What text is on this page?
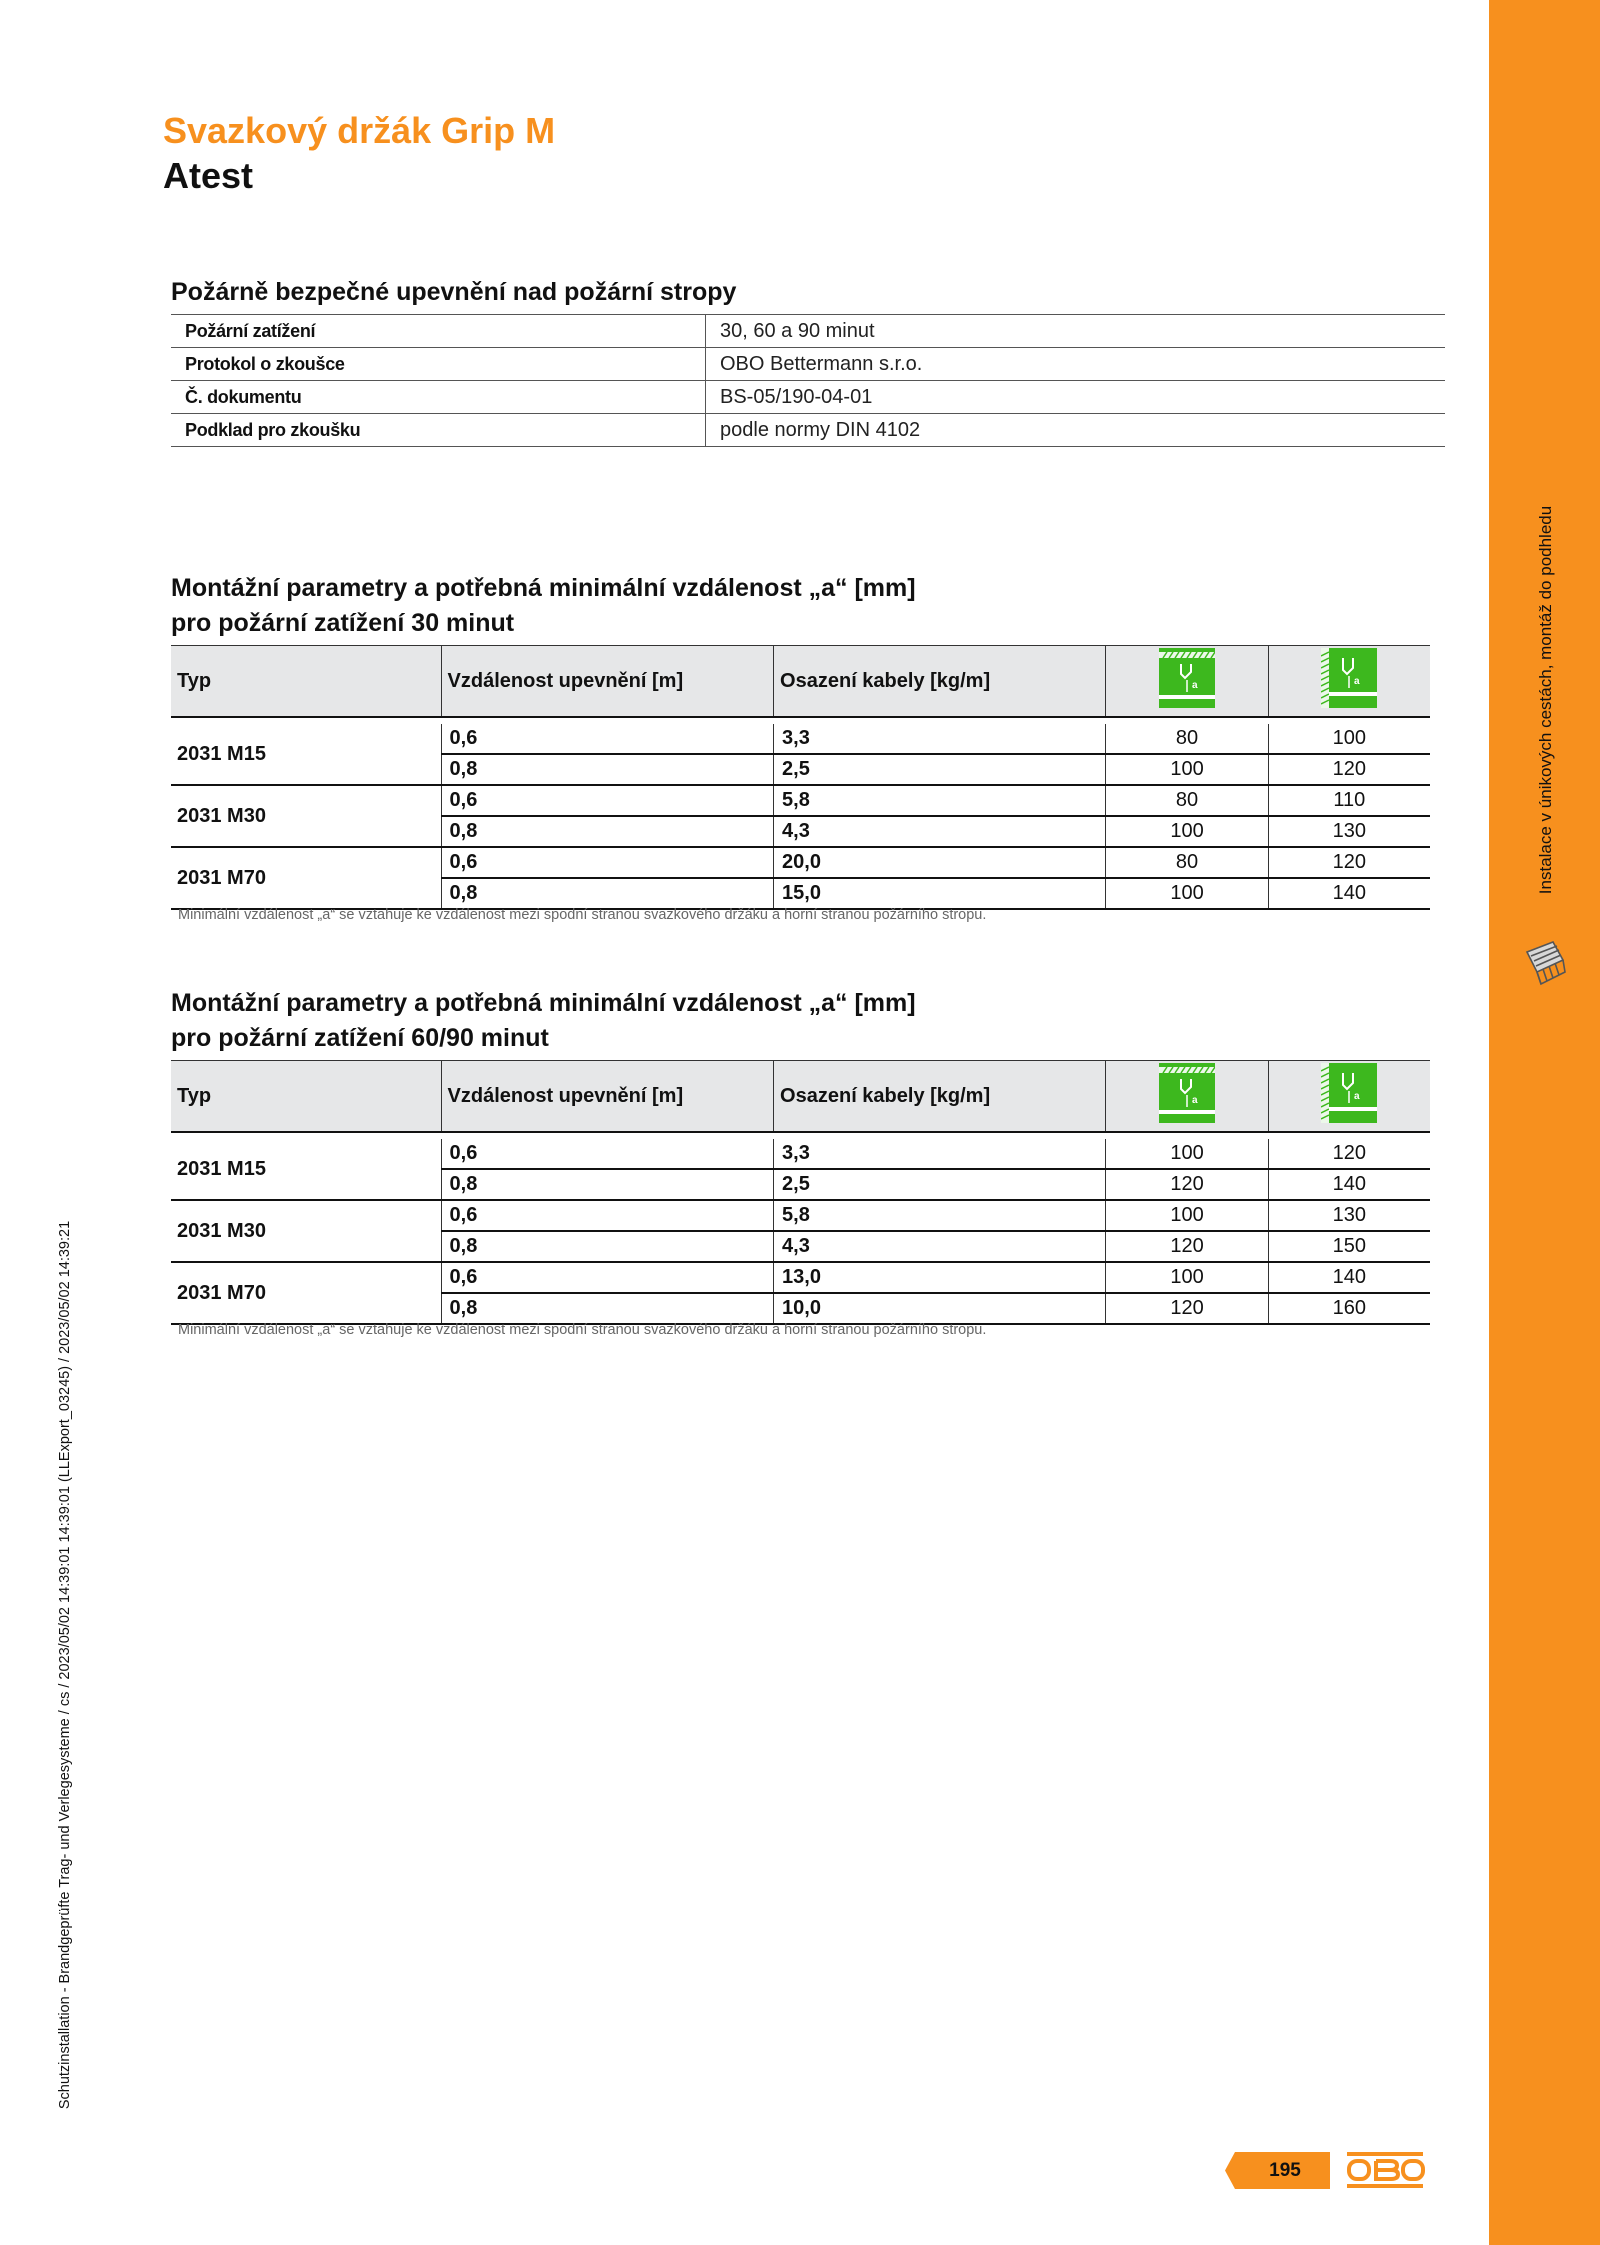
Instalace v únikových cestách, montáž do podhledu
Schutzinstallation - Brandgeprüfte Trag- und Verlegesysteme / cs / 2023/05/02 14:39:01 14:39:01 (LLExport_03245) / 2023/05/02 14:39:21
Svazkový držák Grip M
Atest
Požárně bezpečné upevnění nad požární stropy
Požární zatížení	30, 60 a 90 minut
Protokol o zkoušce	OBO Bettermann s.r.o.
Č. dokumentu	BS-05/190-04-01
Podklad pro zkoušku	podle normy DIN 4102
Montážní parametry a potřebná minimální vzdálenost „a“ [mm]
pro požární zatížení 30 minut
Typ	Vzdálenost upevnění [m]	Osazení kabely [kg/m]	a	a

2031 M15	0,6	3,3	80	100
	0,8	2,5	100	120
2031 M30	0,6	5,8	80	110
	0,8	4,3	100	130
2031 M70	0,6	20,0	80	120
	0,8	15,0	100	140

Minimální vzdálenost „a“ se vztahuje ke vzdálenost mezi spodní stranou svazkového držáku a horní stranou požárního stropu.

Montážní parametry a potřebná minimální vzdálenost „a“ [mm]
pro požární zatížení 60/90 minut
Typ	Vzdálenost upevnění [m]	Osazení kabely [kg/m]	a	a

2031 M15	0,6	3,3	100	120
	0,8	2,5	120	140
2031 M30	0,6	5,8	100	130
	0,8	4,3	120	150
2031 M70	0,6	13,0	100	140
	0,8	10,0	120	160

Minimální vzdálenost „a“ se vztahuje ke vzdálenost mezi spodní stranou svazkového držáku a horní stranou požárního stropu.

195
